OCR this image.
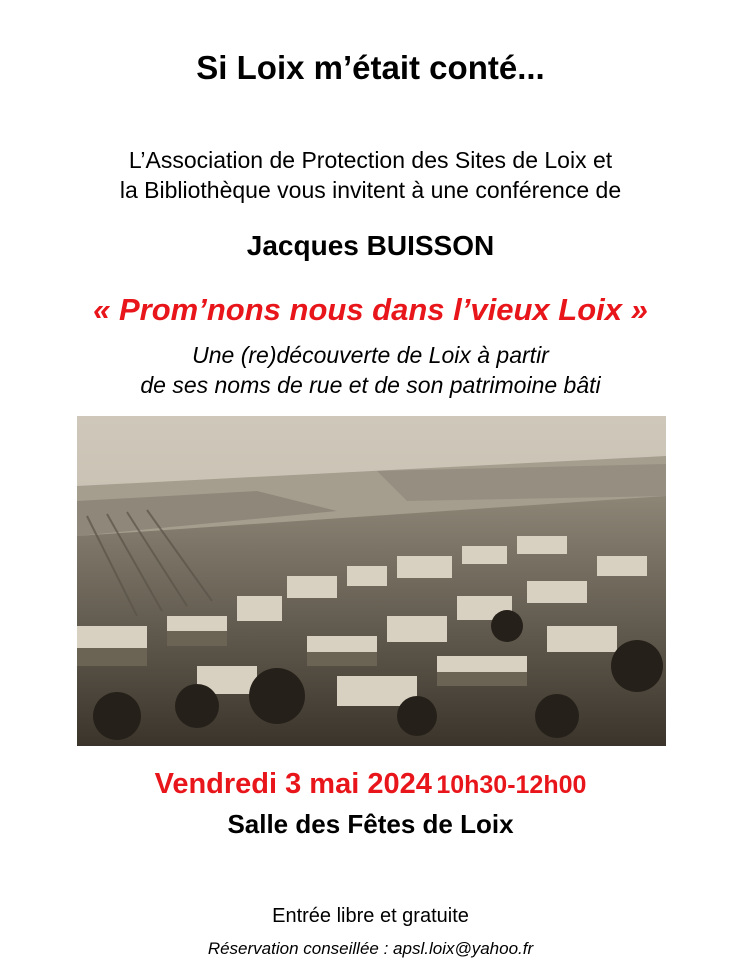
Si Loix m’était conté...
L’Association de Protection des Sites de Loix et
la Bibliothèque vous invitent à une conférence de
Jacques BUISSON
« Prom’nons nous dans l’vieux Loix »
Une (re)découverte de Loix à partir
de ses noms de rue et de son patrimoine bâti
Vendredi 3 mai 2024 10h30-12h00
Salle des Fêtes de Loix
Entrée libre et gratuite
Réservation conseillée : apsl.loix@yahoo.fr
